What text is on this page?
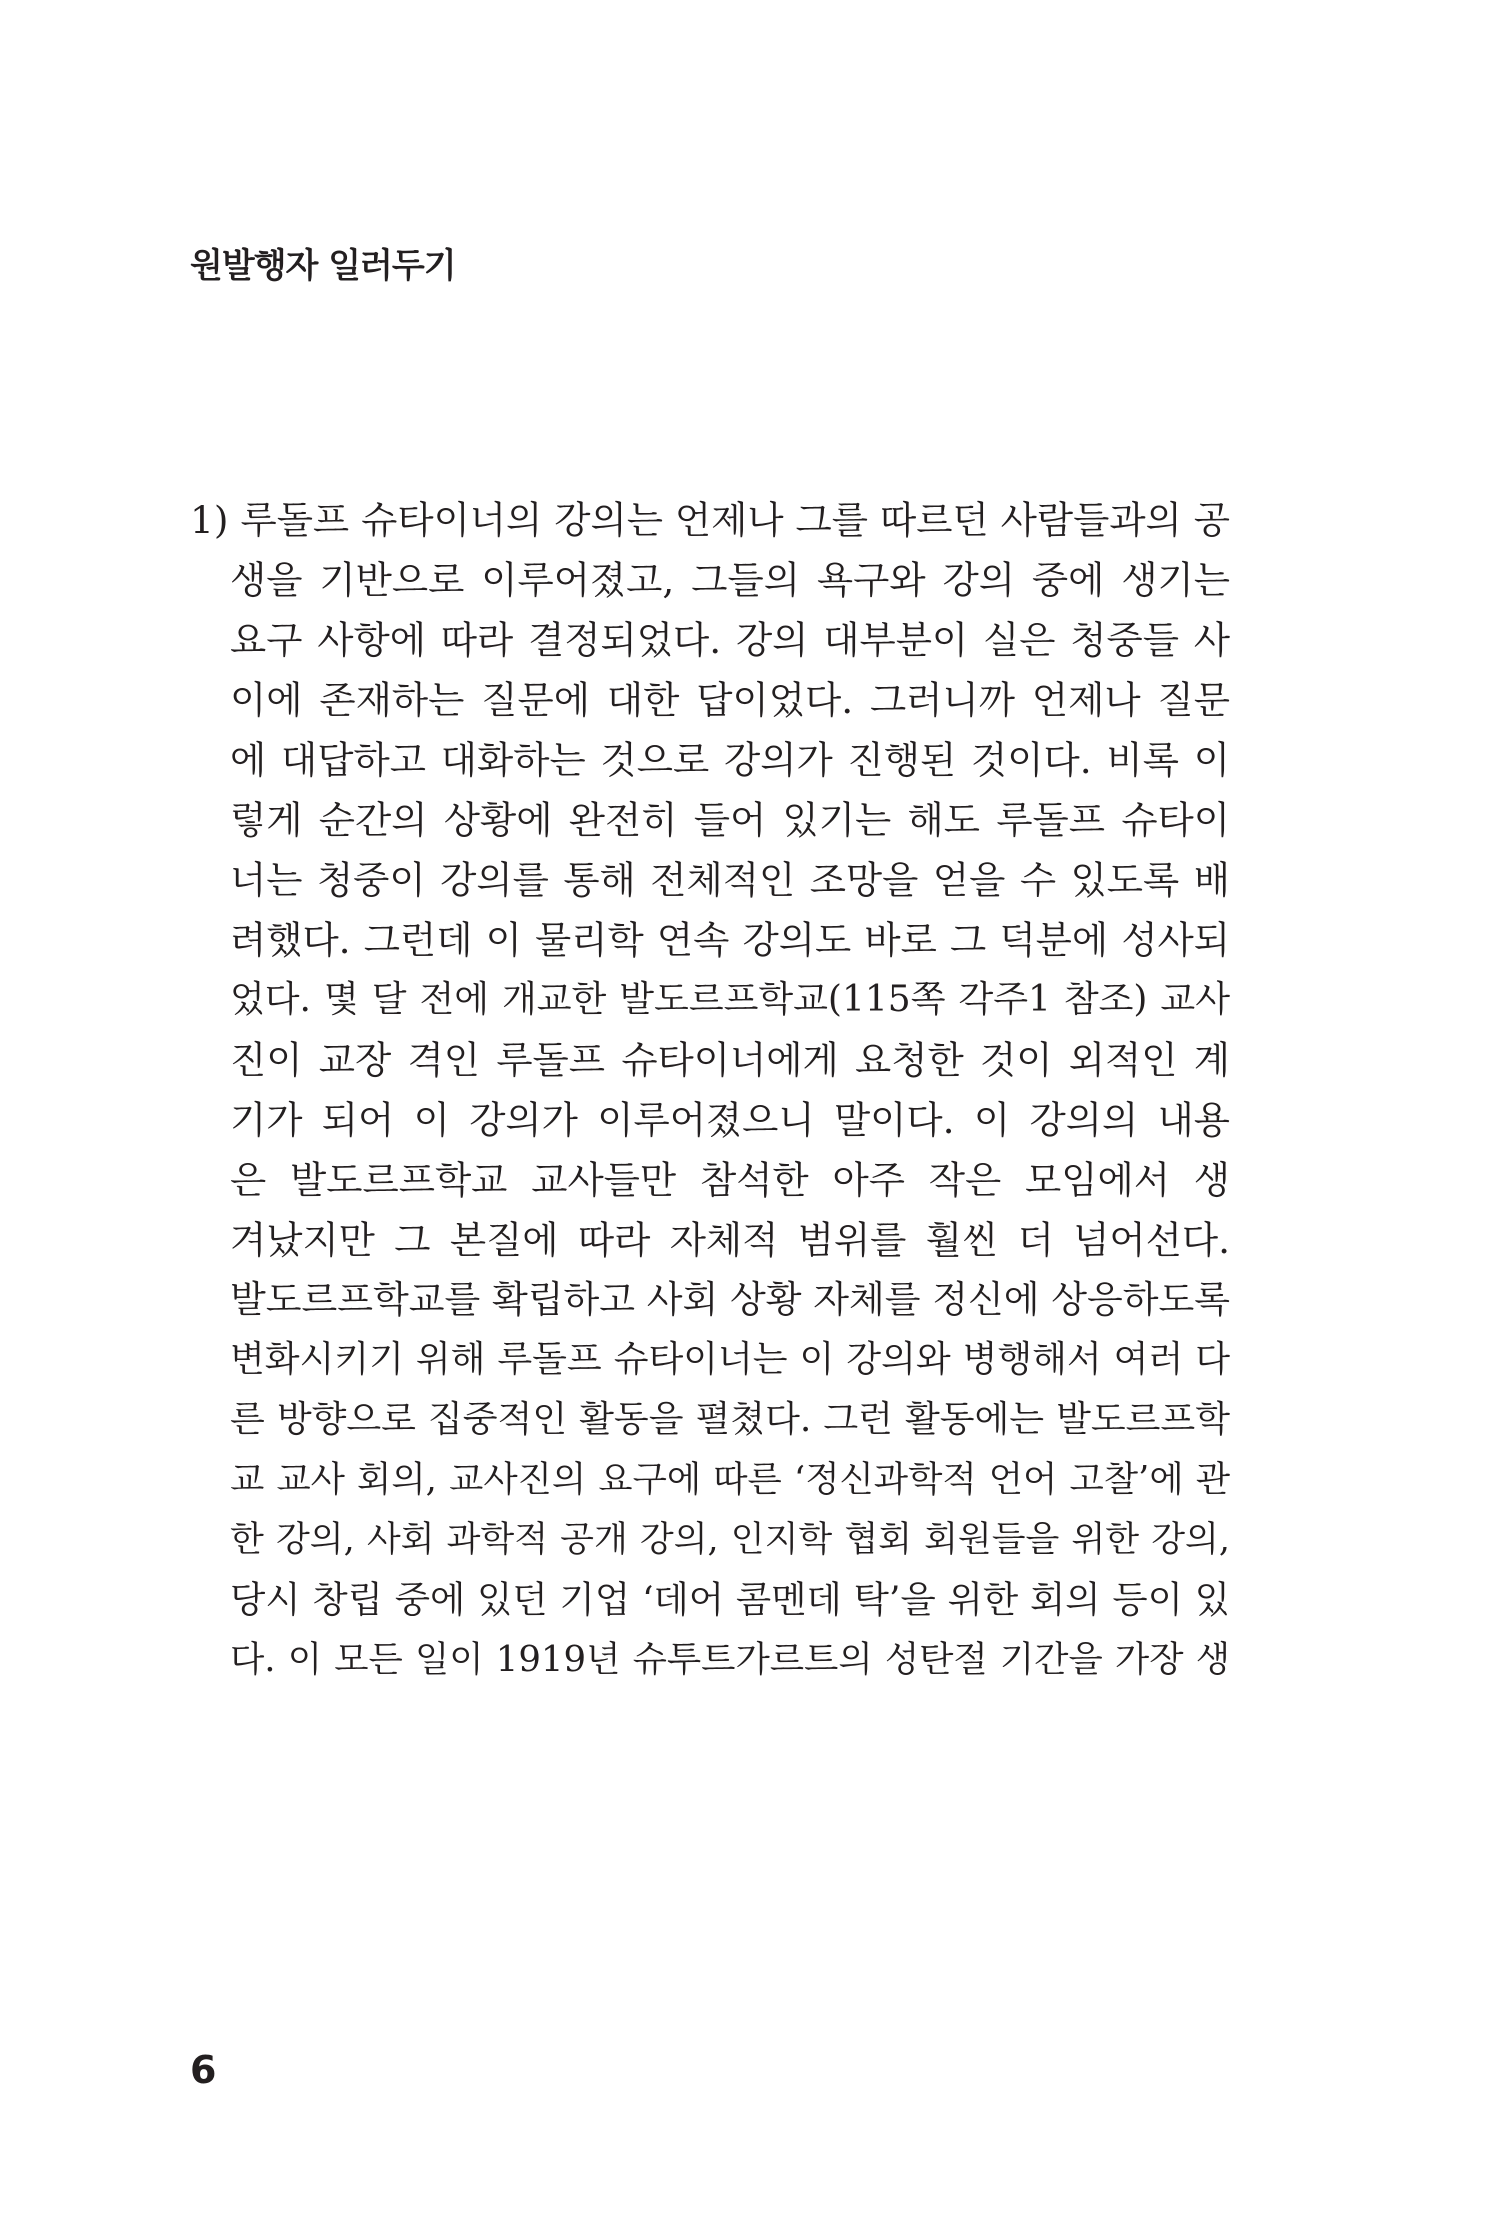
원발행자 일러두기
1) 루돌프 슈타이너의 강의는 언제나 그를 따르던 사람들과의 공
생을 기반으로 이루어졌고, 그들의 욕구와 강의 중에 생기는
요구 사항에 따라 결정되었다. 강의 대부분이 실은 청중들 사
이에 존재하는 질문에 대한 답이었다. 그러니까 언제나 질문
에 대답하고 대화하는 것으로 강의가 진행된 것이다. 비록 이
렇게 순간의 상황에 완전히 들어 있기는 해도 루돌프 슈타이
너는 청중이 강의를 통해 전체적인 조망을 얻을 수 있도록 배
려했다. 그런데 이 물리학 연속 강의도 바로 그 덕분에 성사되
었다. 몇 달 전에 개교한 발도르프학교(115쪽 각주1 참조) 교사
진이 교장 격인 루돌프 슈타이너에게 요청한 것이 외적인 계
기가 되어 이 강의가 이루어졌으니 말이다. 이 강의의 내용
은 발도르프학교 교사들만 참석한 아주 작은 모임에서 생
겨났지만 그 본질에 따라 자체적 범위를 훨씬 더 넘어선다.
발도르프학교를 확립하고 사회 상황 자체를 정신에 상응하도록
변화시키기 위해 루돌프 슈타이너는 이 강의와 병행해서 여러 다
른 방향으로 집중적인 활동을 펼쳤다. 그런 활동에는 발도르프학
교 교사 회의, 교사진의 요구에 따른 ‘정신과학적 언어 고찰’에 관
한 강의, 사회 과학적 공개 강의, 인지학 협회 회원들을 위한 강의,
당시 창립 중에 있던 기업 ‘데어 콤멘데 탁’을 위한 회의 등이 있
다. 이 모든 일이 1919년 슈투트가르트의 성탄절 기간을 가장 생
6
